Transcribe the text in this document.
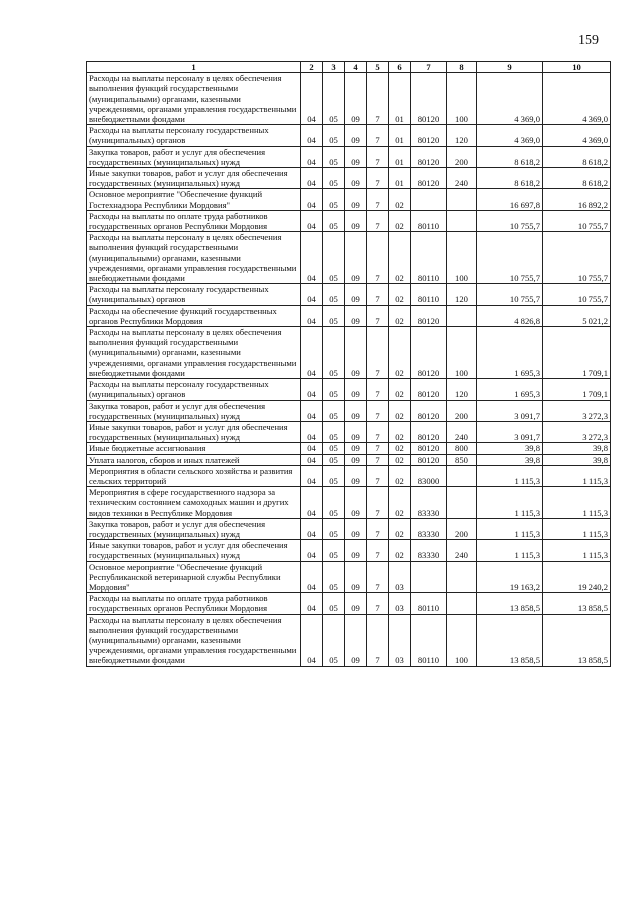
159
1	2	3	4	5	6	7	8	9	10
Расходы на выплаты персоналу в целях обеспечения выполнения функций государственными (муниципальными) органами, казенными учреждениями, органами управления государственными внебюджетными фондами	04	05	09	7	01	80120	100	4 369,0	4 369,0
Расходы на выплаты персоналу государственных (муниципальных) органов	04	05	09	7	01	80120	120	4 369,0	4 369,0
Закупка товаров, работ и услуг для обеспечения государственных (муниципальных) нужд	04	05	09	7	01	80120	200	8 618,2	8 618,2
Иные закупки товаров, работ и услуг для обеспечения государственных (муниципальных) нужд	04	05	09	7	01	80120	240	8 618,2	8 618,2
Основное мероприятие "Обеспечение функций Гостехнадзора Республики Мордовия"	04	05	09	7	02			16 697,8	16 892,2
Расходы на выплаты по оплате труда работников государственных органов Республики Мордовия	04	05	09	7	02	80110		10 755,7	10 755,7
Расходы на выплаты персоналу в целях обеспечения выполнения функций государственными (муниципальными) органами, казенными учреждениями, органами управления государственными внебюджетными фондами	04	05	09	7	02	80110	100	10 755,7	10 755,7
Расходы на выплаты персоналу государственных (муниципальных) органов	04	05	09	7	02	80110	120	10 755,7	10 755,7
Расходы на обеспечение функций государственных органов Республики Мордовия	04	05	09	7	02	80120		4 826,8	5 021,2
Расходы на выплаты персоналу в целях обеспечения выполнения функций государственными (муниципальными) органами, казенными учреждениями, органами управления государственными внебюджетными фондами	04	05	09	7	02	80120	100	1 695,3	1 709,1
Расходы на выплаты персоналу государственных (муниципальных) органов	04	05	09	7	02	80120	120	1 695,3	1 709,1
Закупка товаров, работ и услуг для обеспечения государственных (муниципальных) нужд	04	05	09	7	02	80120	200	3 091,7	3 272,3
Иные закупки товаров, работ и услуг для обеспечения государственных (муниципальных) нужд	04	05	09	7	02	80120	240	3 091,7	3 272,3
Иные бюджетные ассигнования	04	05	09	7	02	80120	800	39,8	39,8
Уплата налогов, сборов и иных платежей	04	05	09	7	02	80120	850	39,8	39,8
Мероприятия в области сельского хозяйства и развития сельских территорий	04	05	09	7	02	83000		1 115,3	1 115,3
Мероприятия в сфере государственного надзора за техническим состоянием самоходных машин и других видов техники в Республике Мордовия	04	05	09	7	02	83330		1 115,3	1 115,3
Закупка товаров, работ и услуг для обеспечения государственных (муниципальных) нужд	04	05	09	7	02	83330	200	1 115,3	1 115,3
Иные закупки товаров, работ и услуг для обеспечения государственных (муниципальных) нужд	04	05	09	7	02	83330	240	1 115,3	1 115,3
Основное мероприятие "Обеспечение функций Республиканской ветеринарной службы Республики Мордовия"	04	05	09	7	03			19 163,2	19 240,2
Расходы на выплаты по оплате труда работников государственных органов Республики Мордовия	04	05	09	7	03	80110		13 858,5	13 858,5
Расходы на выплаты персоналу в целях обеспечения выполнения функций государственными (муниципальными) органами, казенными учреждениями, органами управления государственными внебюджетными фондами	04	05	09	7	03	80110	100	13 858,5	13 858,5
